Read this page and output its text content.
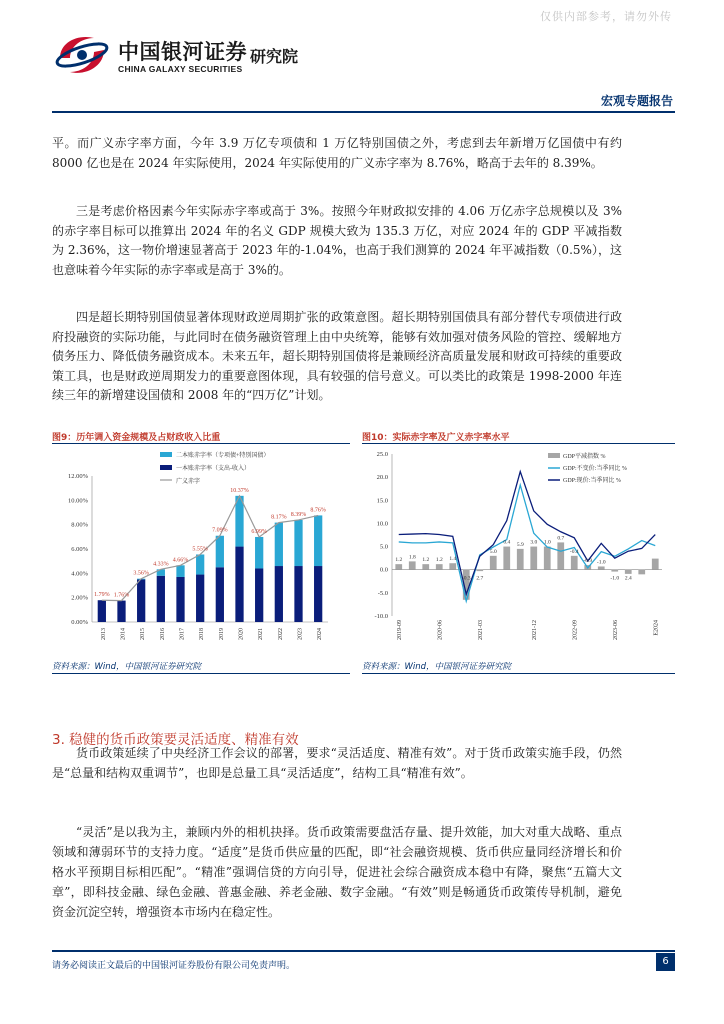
仅供内部参考，请勿外传
中国银河证券
CHINA GALAXY SECURITIES
研究院
宏观专题报告

平。而广义赤字率方面，今年 3.9 万亿专项债和 1 万亿特别国债之外，考虑到去年新增万亿国债中有约 8000 亿也是在 2024 年实际使用，2024 年实际使用的广义赤字率为 8.76%，略高于去年的 8.39%。

三是考虑价格因素今年实际赤字率或高于 3%。按照今年财政拟安排的 4.06 万亿赤字总规模以及 3%的赤字率目标可以推算出 2024 年的名义 GDP 规模大致为 135.3 万亿，对应 2024 年的 GDP 平减指数为 2.36%，这一物价增速显著高于 2023 年的-1.04%，也高于我们测算的 2024 年平减指数（0.5%），这也意味着今年实际的赤字率或是高于 3%的。

四是超长期特别国债显著体现财政逆周期扩张的政策意图。超长期特别国债具有部分替代专项债进行政府投融资的实际功能，与此同时在债务融资管理上由中央统筹，能够有效加强对债务风险的管控、缓解地方债务压力、降低债务融资成本。未来五年，超长期特别国债将是兼顾经济高质量发展和财政可持续的重要政策工具，也是财政逆周期发力的重要意图体现，具有较强的信号意义。可以类比的政策是 1998-2000 年连续三年的新增建设国债和 2008 年的“四万亿”计划。

图9：历年调入资金规模及占财政收入比重
0.00%
2.00%
4.00%
6.00%
8.00%
10.00%
12.00%
2013
1.79%
2014
1.76%
2015
3.56%
2016
4.33%
2017
4.66%
2018
5.55%
2019
7.09%
2020
10.37%
2021
6.99%
2022
8.17%
2023
8.39%
2024
8.76%
二本账赤字率（专项债+特别国债）
一本账赤字率（支出-收入）
广义赤字
资料来源：Wind，中国银河证券研究院
图10：实际赤字率及广义赤字率水平
25.0
20.0
15.0
10.0
5.0
0.0
-5.0
-10.0
1.2 1.8 1.2 1.2 1.4
-0.3 2.7
5.0
0.4 5.9 3.0 1.0
0.7
-0.4
-0.9 -1.0
-1.0 2.4
2019-09	2020-06	2021-03	2021-12	2022-09	2023-06	E2024
GDP平减指数 %
GDP:不变价:当季同比 %
GDP:现价:当季同比 %
资料来源：Wind，中国银河证券研究院
3. 稳健的货币政策要灵活适度、精准有效

货币政策延续了中央经济工作会议的部署，要求“灵活适度、精准有效”。对于货币政策实施手段，仍然是“总量和结构双重调节”，也即是总量工具“灵活适度”，结构工具“精准有效”。

“灵活”是以我为主，兼顾内外的相机抉择。货币政策需要盘活存量、提升效能，加大对重大战略、重点领域和薄弱环节的支持力度。“适度”是货币供应量的匹配，即“社会融资规模、货币供应量同经济增长和价格水平预期目标相匹配”。“精准”强调信贷的方向引导，促进社会综合融资成本稳中有降，聚焦“五篇大文章”，即科技金融、绿色金融、普惠金融、养老金融、数字金融。“有效”则是畅通货币政策传导机制，避免资金沉淀空转，增强资本市场内在稳定性。

请务必阅读正文最后的中国银河证券股份有限公司免责声明。	6
